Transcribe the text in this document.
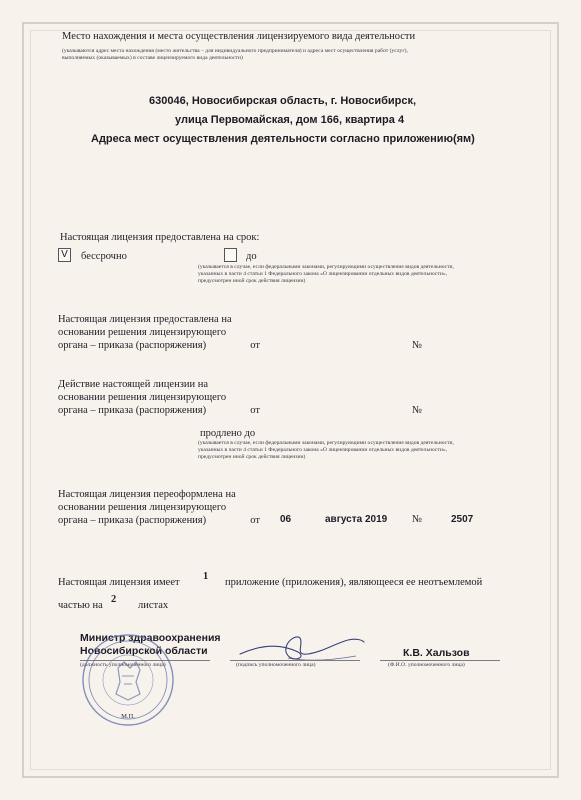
Место нахождения и места осуществления лицензируемого вида деятельности
(указываются адрес места нахождения (место жительства – для индивидуального предпринимателя) и адреса мест осуществления работ (услуг),
выполняемых (оказываемых) в составе лицензируемого вида деятельности)
630046, Новосибирская область, г. Новосибирск,
улица Первомайская, дом 166, квартира 4
Адреса мест осуществления деятельности согласно приложению(ям)
Настоящая лицензия предоставлена на срок:
V	бессрочно	до
(указывается в случае, если федеральными законами, регулирующими осуществление видов деятельности,
указанных в части 4 статьи 1 Федерального закона «О лицензировании отдельных видов деятельности»,
предусмотрен иной срок действия лицензии)
Настоящая лицензия предоставлена на
основании решения лицензирующего
органа – приказа (распоряжения)	от	№
Действие настоящей лицензии на
основании решения лицензирующего
органа – приказа (распоряжения)	от	№
продлено до
(указывается в случае, если федеральными законами, регулирующими осуществление видов деятельности,
указанных в части 4 статьи 1 Федерального закона «О лицензировании отдельных видов деятельности»,
предусмотрен иной срок действия лицензии)
Настоящая лицензия переоформлена на
основании решения лицензирующего
органа – приказа (распоряжения)	от 06	августа 2019 №	2507
Настоящая лицензия имеет
1
приложение (приложения), являющееся ее неотъемлемой
частью на
2
листах
Министр здравоохранения
Новосибирской области
(должность уполномоченного лица)
М.П.
(подпись уполномоченного лица)
К.В. Хальзов
(Ф.И.О. уполномоченного лица)
